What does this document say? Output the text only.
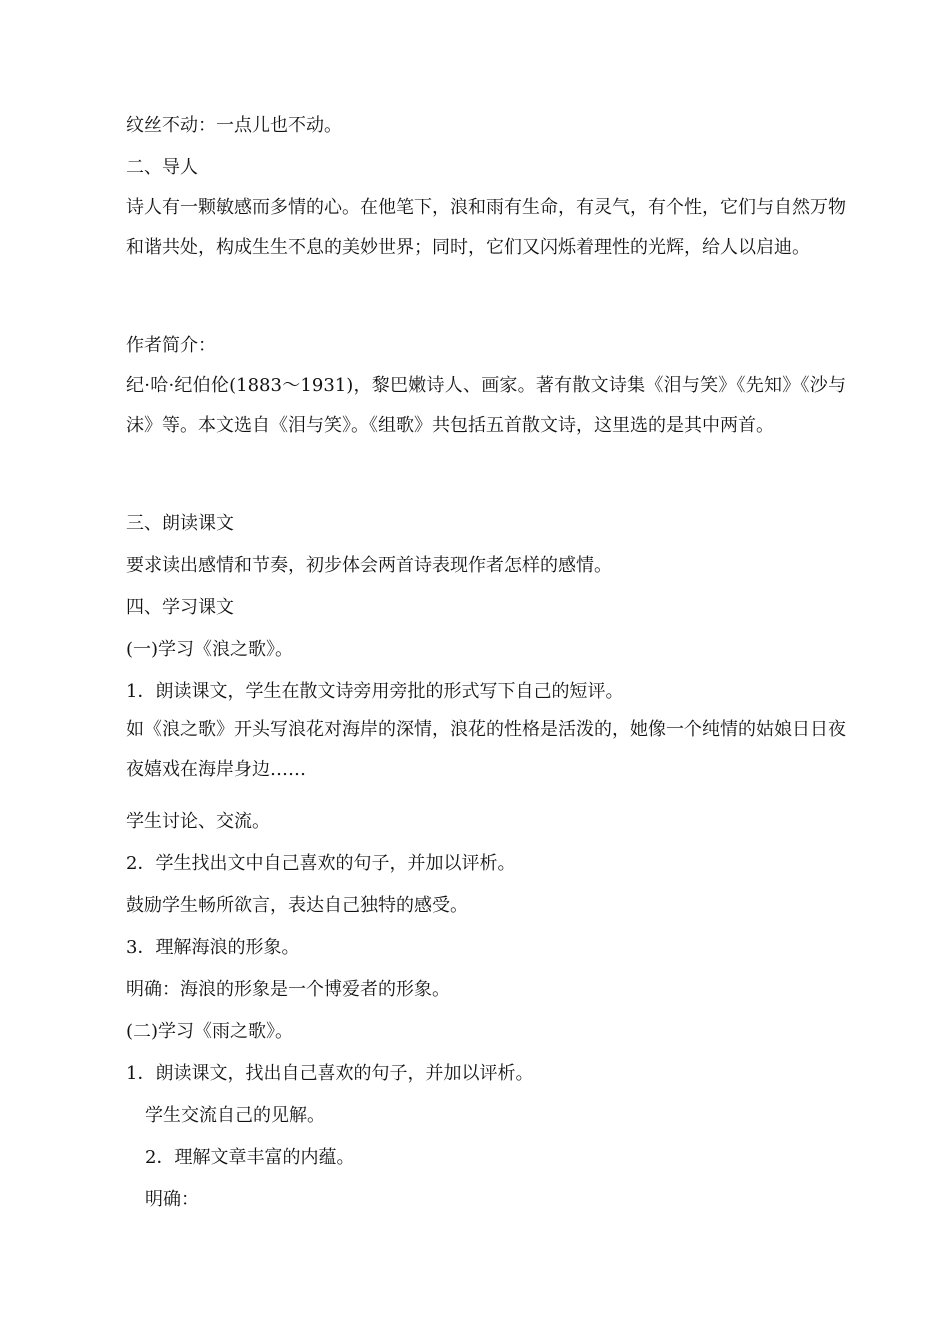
纹丝不动：一点儿也不动。
二、导人
诗人有一颗敏感而多情的心。在他笔下，浪和雨有生命，有灵气，有个性，它们与自然万物和谐共处，构成生生不息的美妙世界；同时，它们又闪烁着理性的光辉，给人以启迪。
作者简介：
纪·哈·纪伯伦(1883～1931)，黎巴嫩诗人、画家。著有散文诗集《泪与笑》《先知》《沙与沫》等。本文选自《泪与笑》。《组歌》共包括五首散文诗，这里选的是其中两首。
三、朗读课文
要求读出感情和节奏，初步体会两首诗表现作者怎样的感情。
四、学习课文
(一)学习《浪之歌》。
1．朗读课文，学生在散文诗旁用旁批的形式写下自己的短评。
如《浪之歌》开头写浪花对海岸的深情，浪花的性格是活泼的，她像一个纯情的姑娘日日夜夜嬉戏在海岸身边……
学生讨论、交流。
2．学生找出文中自己喜欢的句子，并加以评析。
鼓励学生畅所欲言，表达自己独特的感受。
3．理解海浪的形象。
明确：海浪的形象是一个博爱者的形象。
(二)学习《雨之歌》。
1．朗读课文，找出自己喜欢的句子，并加以评析。
学生交流自己的见解。
2．理解文章丰富的内蕴。
明确：
